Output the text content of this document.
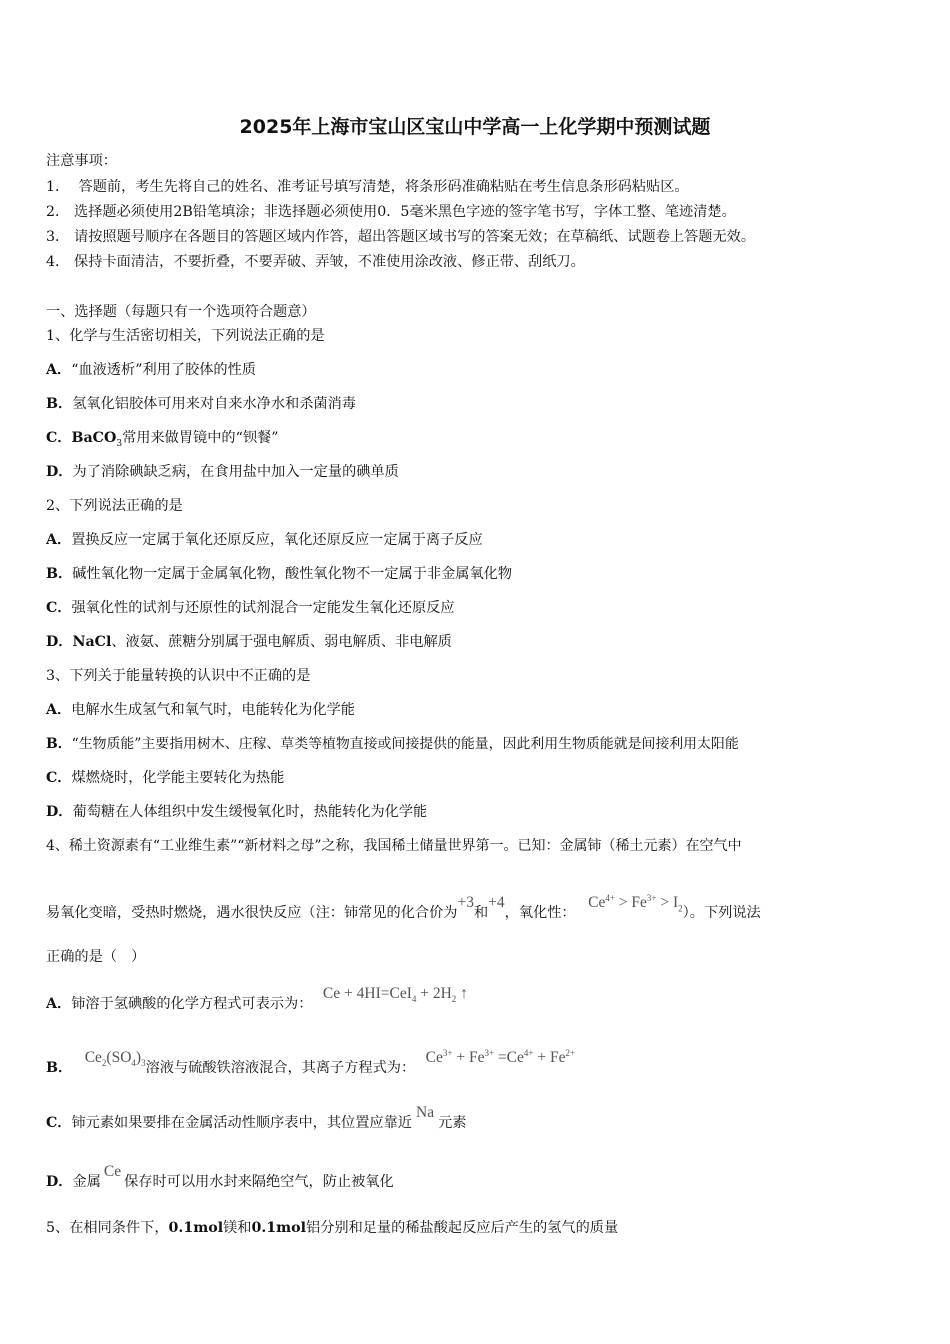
2025年上海市宝山区宝山中学高一上化学期中预测试题
注意事项：
1． 答题前，考生先将自己的姓名、准考证号填写清楚，将条形码准确粘贴在考生信息条形码粘贴区。
2． 选择题必须使用2B铅笔填涂；非选择题必须使用0．5毫米黑色字迹的签字笔书写，字体工整、笔迹清楚。
3． 请按照题号顺序在各题目的答题区域内作答，超出答题区域书写的答案无效；在草稿纸、试题卷上答题无效。
4． 保持卡面清洁，不要折叠，不要弄破、弄皱，不准使用涂改液、修正带、刮纸刀。
一、选择题（每题只有一个选项符合题意）
1、化学与生活密切相关，下列说法正确的是
A．“血液透析”利用了胶体的性质
B．氢氧化铝胶体可用来对自来水净水和杀菌消毒
C．BaCO$_3$常用来做胃镜中的“钡餐”
D．为了消除碘缺乏病，在食用盐中加入一定量的碘单质
2、下列说法正确的是
A．置换反应一定属于氧化还原反应，氧化还原反应一定属于离子反应
B．碱性氧化物一定属于金属氧化物，酸性氧化物不一定属于非金属氧化物
C．强氧化性的试剂与还原性的试剂混合一定能发生氧化还原反应
D．NaCl、液氨、蔗糖分别属于强电解质、弱电解质、非电解质
3、下列关于能量转换的认识中不正确的是
A．电解水生成氢气和氧气时，电能转化为化学能
B．“生物质能”主要指用树木、庄稼、草类等植物直接或间接提供的能量，因此利用生物质能就是间接利用太阳能
C．煤燃烧时，化学能主要转化为热能
D．葡萄糖在人体组织中发生缓慢氧化时，热能转化为化学能
4、稀土资源素有“工业维生素”“新材料之母”之称，我国稀土储量世界第一。已知：金属铈（稀土元素）在空气中
易氧化变暗，受热时燃烧，遇水很快反应（注：铈常见的化合价为+3和+4，氧化性： $Ce^{4+} > Fe^{3+} > I_2$）。下列说法
正确的是（　）
A．铈溶于氢碘酸的化学方程式可表示为： $Ce + 4HI=CeI_4 + 2H_2$ ↑
B． $Ce_2(SO_4)_3$溶液与硫酸铁溶液混合，其离子方程式为： $Ce^{3+} + Fe^{3+} =Ce^{4+} + Fe^{2+}$
C．铈元素如果要排在金属活动性顺序表中，其位置应靠近Na元素
D．金属Ce保存时可以用水封来隔绝空气，防止被氧化
5、在相同条件下，0.1mol镁和0.1mol铝分别和足量的稀盐酸起反应后产生的氢气的质量
